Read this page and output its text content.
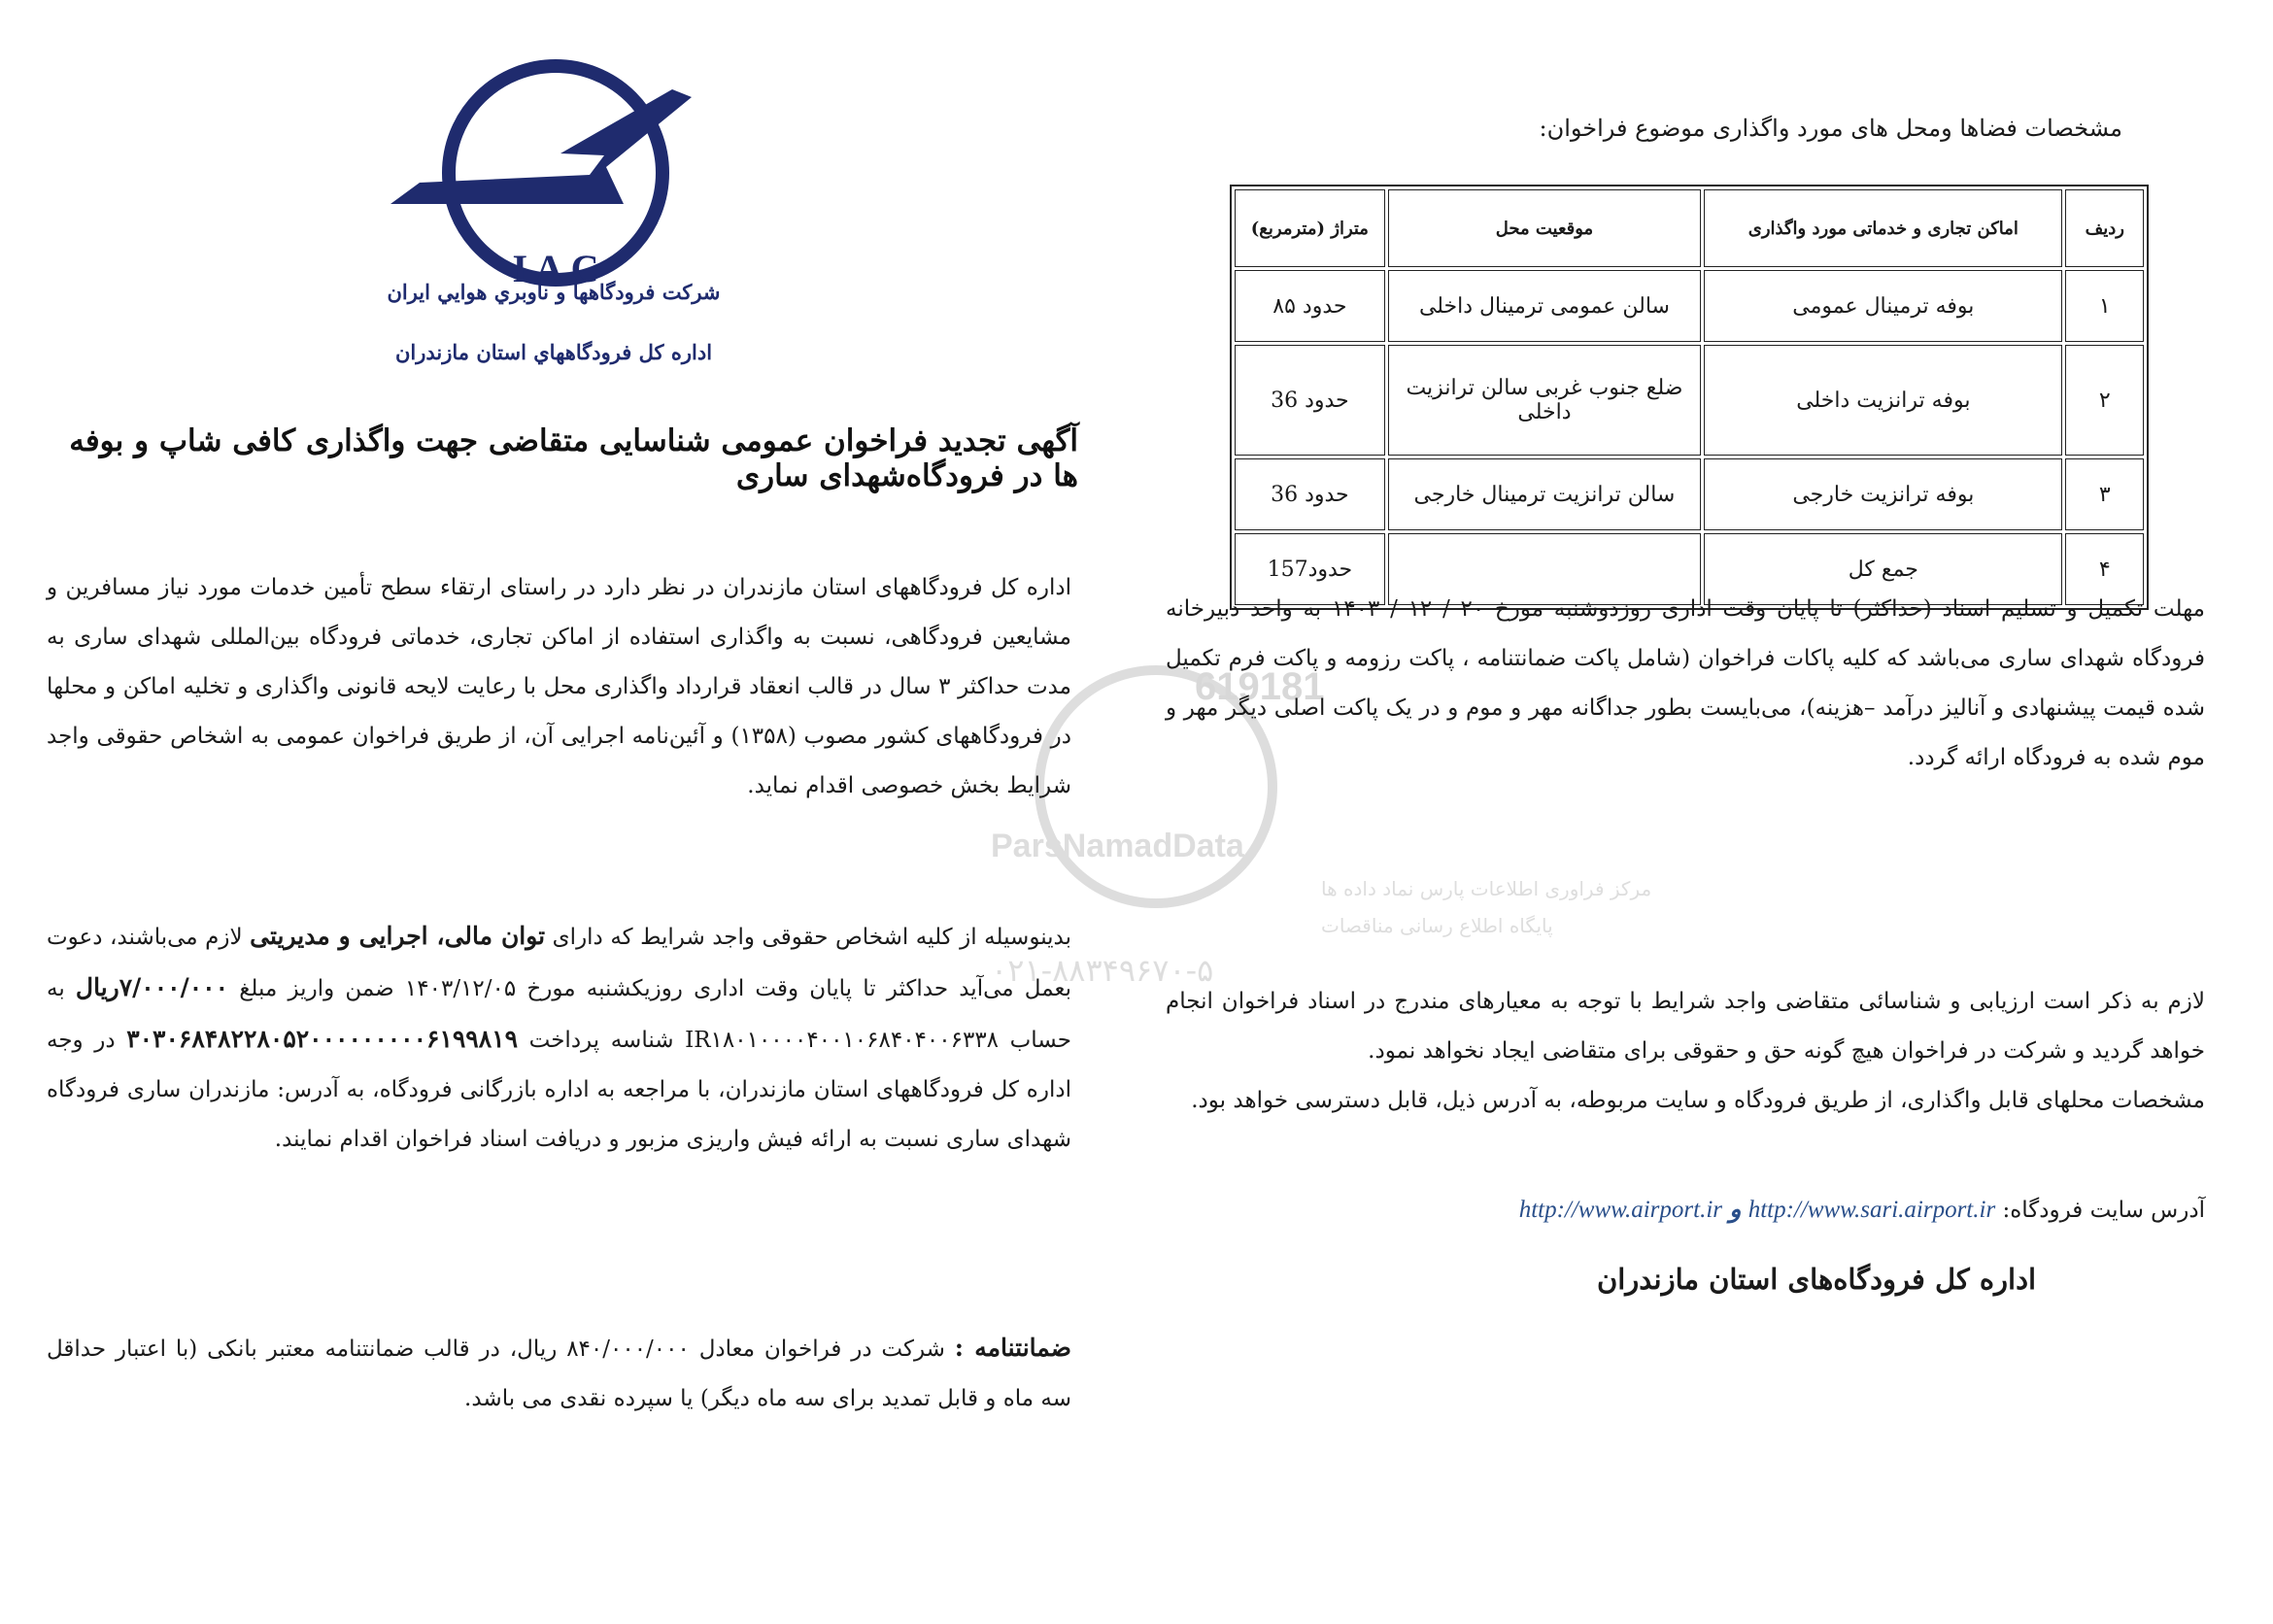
619181
ParsNamadData
مرکز فراوری اطلاعات پارس نماد داده ها
پایگاه اطلاع رسانی مناقصات
۰۲۱-۸۸۳۴۹۶۷۰-۵
I A C
شرکت فرودگاهها و ناوبري هوايي ايران
اداره کل فرودگاههاي استان مازندران
آگهی تجدید فراخوان عمومی شناسایی متقاضی جهت واگذاری کافی شاپ و بوفه ها در فرودگاه‌شهدای ساری
اداره کل فرودگاههای استان مازندران در نظر دارد در راستای ارتقاء سطح تأمین خدمات مورد نیاز مسافرین و مشایعین فرودگاهی، نسبت به واگذاری استفاده از اماکن تجاری، خدماتی فرودگاه بین‌المللی شهدای ساری به مدت حداکثر ۳ سال در قالب انعقاد قرارداد واگذاری محل با رعایت لایحه قانونی واگذاری و تخلیه اماکن و محلها در فرودگاههای کشور مصوب (۱۳۵۸) و آئین‌نامه اجرایی آن، از طریق فراخوان عمومی به اشخاص حقوقی واجد شرایط بخش خصوصی اقدام نماید.
بدینوسیله از کلیه اشخاص حقوقی واجد شرایط که دارای توان مالی، اجرایی و مدیریتی لازم می‌باشند، دعوت بعمل می‌آید حداکثر تا پایان وقت اداری روزیکشنبه مورخ ۱۴۰۳/۱۲/۰۵ ضمن واریز مبلغ ۷/۰۰۰/۰۰۰ریال به حساب IR۱۸۰۱۰۰۰۰۴۰۰۱۰۶۸۴۰۴۰۰۶۳۳۸ شناسه پرداخت ۳۰۳۰۶۸۴۸۲۲۸۰۵۲۰۰۰۰۰۰۰۰۰۶۱۹۹۸۱۹ در وجه اداره کل فرودگاههای استان مازندران، با مراجعه به اداره بازرگانی فرودگاه، به آدرس: مازندران ساری فرودگاه شهدای ساری نسبت به ارائه فیش واریزی مزبور و دریافت اسناد فراخوان اقدام نمایند.
ضمانتنامه : شرکت در فراخوان معادل ۸۴۰/۰۰۰/۰۰۰ ریال، در قالب ضمانتنامه معتبر بانکی (با اعتبار حداقل سه ماه و قابل تمدید برای سه ماه دیگر) یا سپرده نقدی می باشد.
مشخصات فضاها ومحل های مورد واگذاری موضوع فراخوان:
ردیف	اماکن تجاری و خدماتی مورد واگذاری	موقعیت محل	متراژ (مترمربع)
۱	بوفه ترمینال عمومی	سالن عمومی ترمینال داخلی	حدود ۸۵
۲	بوفه ترانزیت داخلی	ضلع جنوب غربی سالن ترانزیت داخلی	حدود 36
۳	بوفه ترانزیت خارجی	سالن ترانزیت ترمینال خارجی	حدود 36
۴	جمع کل		حدود157
مهلت تکمیل و تسلیم اسناد (حداکثر) تا پایان وقت اداری روزدوشنبه مورخ ۲۰ / ۱۲ / ۱۴۰۳ به واحد دبیرخانه فرودگاه شهدای ساری می‌باشد که کلیه پاکات فراخوان (شامل پاکت ضمانتنامه ، پاکت رزومه و پاکت فرم تکمیل شده قیمت پیشنهادی و آنالیز درآمد –هزینه)، می‌بایست بطور جداگانه مهر و موم و در یک پاکت اصلی دیگر مهر و موم شده به فرودگاه ارائه گردد.
لازم به ذکر است ارزیابی و شناسائی متقاضی واجد شرایط با توجه به معیارهای مندرج در اسناد فراخوان انجام خواهد گردید و شرکت در فراخوان هیچ گونه حق و حقوقی برای متقاضی ایجاد نخواهد نمود.
مشخصات محلهای قابل واگذاری، از طریق فرودگاه و سایت مربوطه، به آدرس ذیل، قابل دسترسی خواهد بود.
آدرس سایت فرودگاه: http://www.sari.airport.ir و http://www.airport.ir
اداره کل فرودگاه‌های استان مازندران
